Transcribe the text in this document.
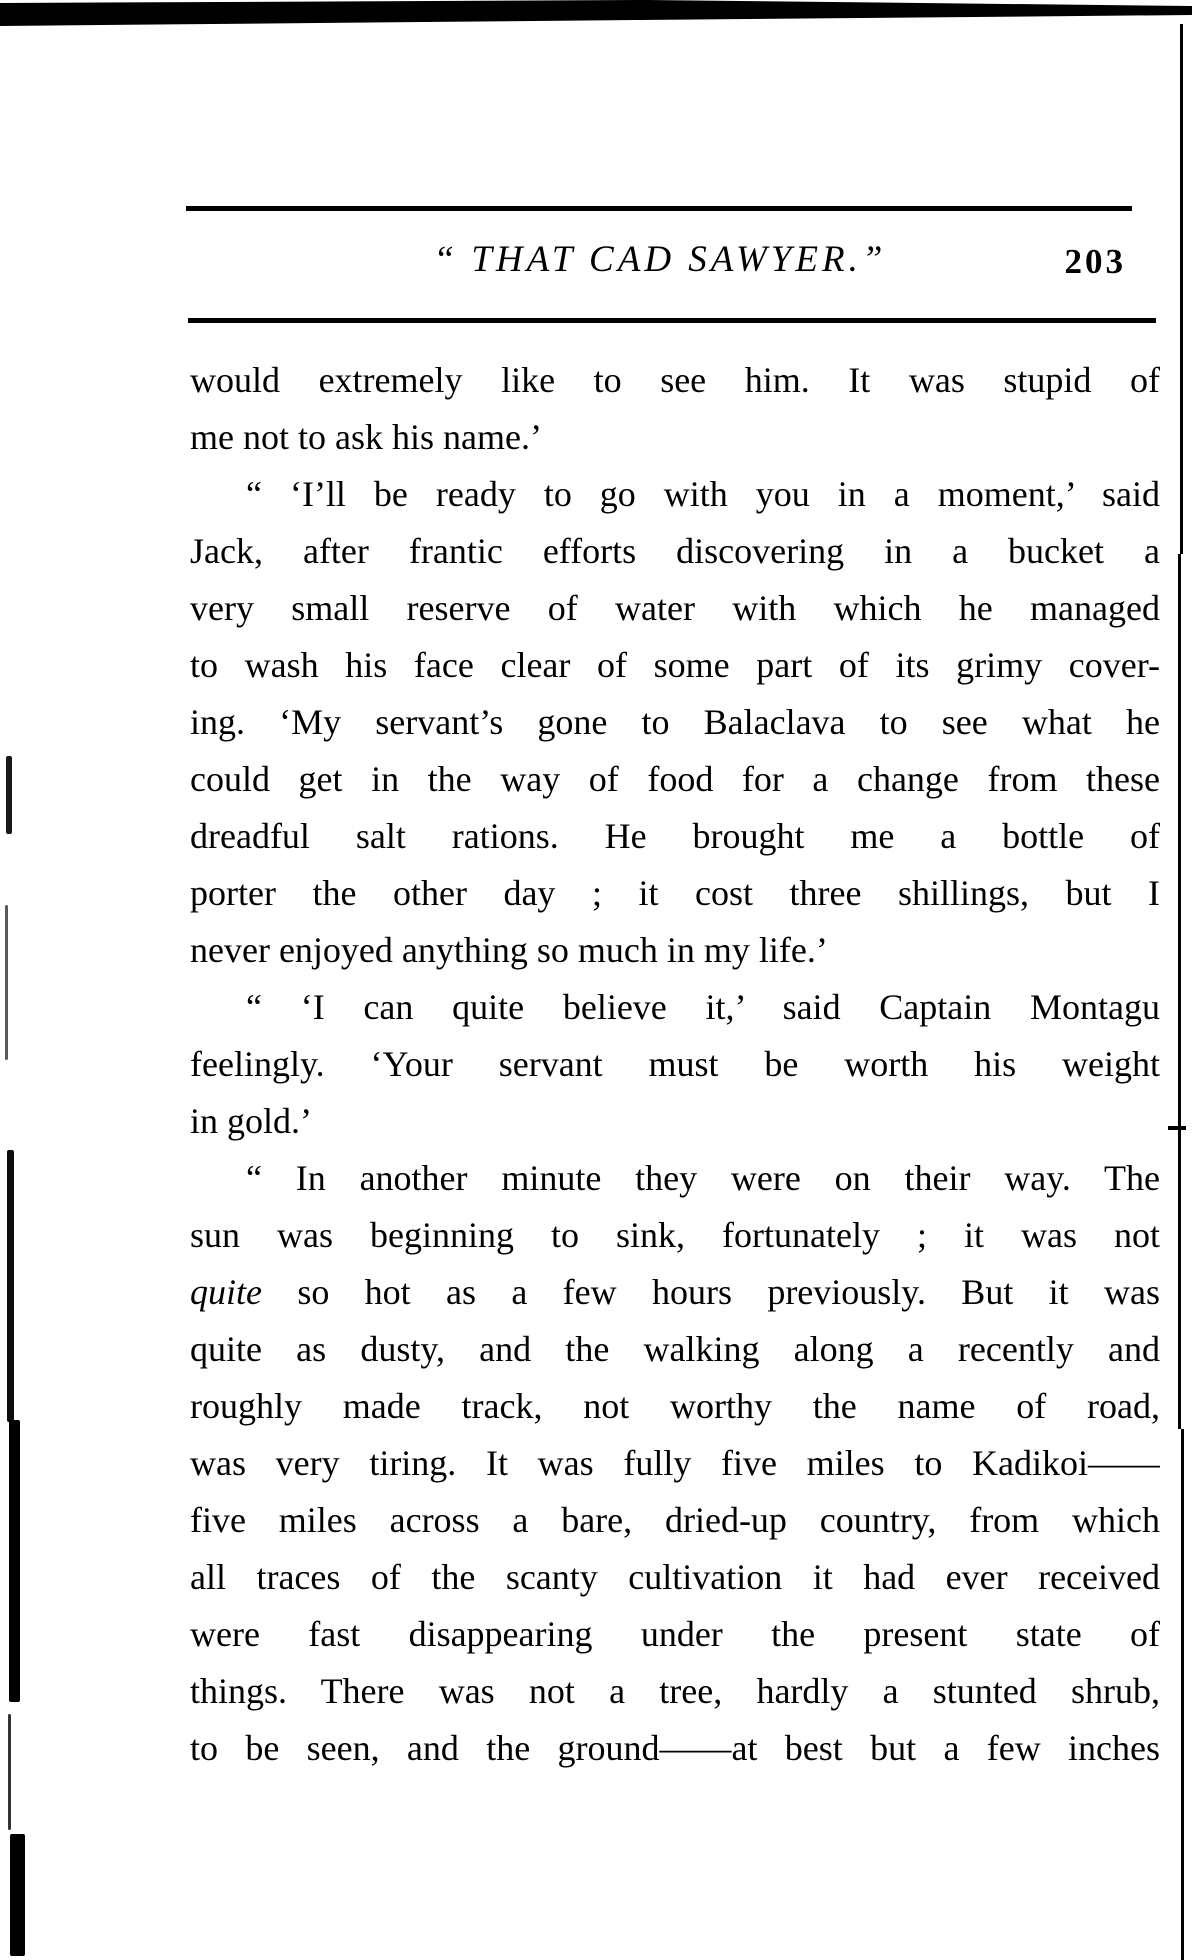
“ THAT CAD SAWYER.”	203
would extremely like to see him. It was stupid of
me not to ask his name.’
“ ‘I’ll be ready to go with you in a moment,’ said
Jack, after frantic efforts discovering in a bucket a
very small reserve of water with which he managed
to wash his face clear of some part of its grimy cover-
ing. ‘My servant’s gone to Balaclava to see what he
could get in the way of food for a change from these
dreadful salt rations. He brought me a bottle of
porter the other day ; it cost three shillings, but I
never enjoyed anything so much in my life.’
“ ‘I can quite believe it,’ said Captain Montagu
feelingly. ‘Your servant must be worth his weight
in gold.’
“ In another minute they were on their way. The
sun was beginning to sink, fortunately ; it was not
quite so hot as a few hours previously. But it was
quite as dusty, and the walking along a recently and
roughly made track, not worthy the name of road,
was very tiring. It was fully five miles to Kadikoi——
five miles across a bare, dried-up country, from which
all traces of the scanty cultivation it had ever received
were fast disappearing under the present state of
things. There was not a tree, hardly a stunted shrub,
to be seen, and the ground——at best but a few inches
